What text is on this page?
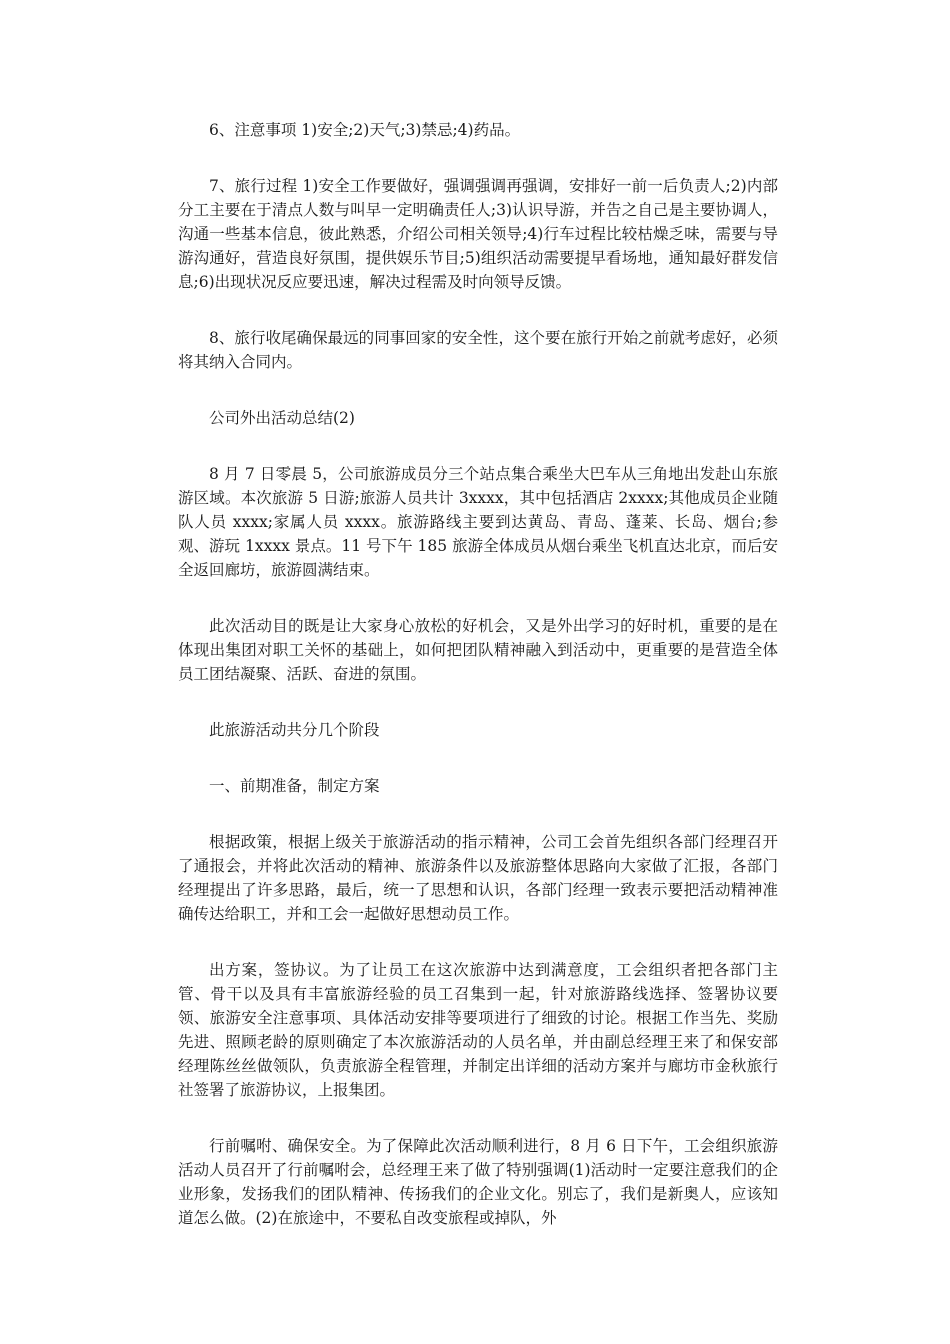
6、注意事项 1)安全;2)天气;3)禁忌;4)药品。

7、旅行过程 1)安全工作要做好，强调强调再强调，安排好一前一后负责人;2)内部分工主要在于清点人数与叫早一定明确责任人;3)认识导游，并告之自己是主要协调人，沟通一些基本信息，彼此熟悉，介绍公司相关领导;4)行车过程比较枯燥乏味，需要与导游沟通好，营造良好氛围，提供娱乐节目;5)组织活动需要提早看场地，通知最好群发信息;6)出现状况反应要迅速，解决过程需及时向领导反馈。

8、旅行收尾确保最远的同事回家的安全性，这个要在旅行开始之前就考虑好，必须将其纳入合同内。

公司外出活动总结(2)

8 月 7 日零晨 5，公司旅游成员分三个站点集合乘坐大巴车从三角地出发赴山东旅游区域。本次旅游 5 日游;旅游人员共计 3xxxx，其中包括酒店 2xxxx;其他成员企业随队人员 xxxx;家属人员 xxxx。旅游路线主要到达黄岛、青岛、蓬莱、长岛、烟台;参观、游玩 1xxxx 景点。11 号下午 185 旅游全体成员从烟台乘坐飞机直达北京，而后安全返回廊坊，旅游圆满结束。

此次活动目的既是让大家身心放松的好机会，又是外出学习的好时机，重要的是在体现出集团对职工关怀的基础上，如何把团队精神融入到活动中，更重要的是营造全体员工团结凝聚、活跃、奋进的氛围。

此旅游活动共分几个阶段

一、前期准备，制定方案

根据政策，根据上级关于旅游活动的指示精神，公司工会首先组织各部门经理召开了通报会，并将此次活动的精神、旅游条件以及旅游整体思路向大家做了汇报，各部门经理提出了许多思路，最后，统一了思想和认识，各部门经理一致表示要把活动精神准确传达给职工，并和工会一起做好思想动员工作。

出方案，签协议。为了让员工在这次旅游中达到满意度，工会组织者把各部门主管、骨干以及具有丰富旅游经验的员工召集到一起，针对旅游路线选择、签署协议要领、旅游安全注意事项、具体活动安排等要项进行了细致的讨论。根据工作当先、奖励先进、照顾老龄的原则确定了本次旅游活动的人员名单，并由副总经理王来了和保安部经理陈丝丝做领队，负责旅游全程管理，并制定出详细的活动方案并与廊坊市金秋旅行社签署了旅游协议，上报集团。

行前嘱咐、确保安全。为了保障此次活动顺利进行，8 月 6 日下午，工会组织旅游活动人员召开了行前嘱咐会，总经理王来了做了特别强调(1)活动时一定要注意我们的企业形象，发扬我们的团队精神、传扬我们的企业文化。别忘了，我们是新奥人，应该知道怎么做。(2)在旅途中，不要私自改变旅程或掉队，外
